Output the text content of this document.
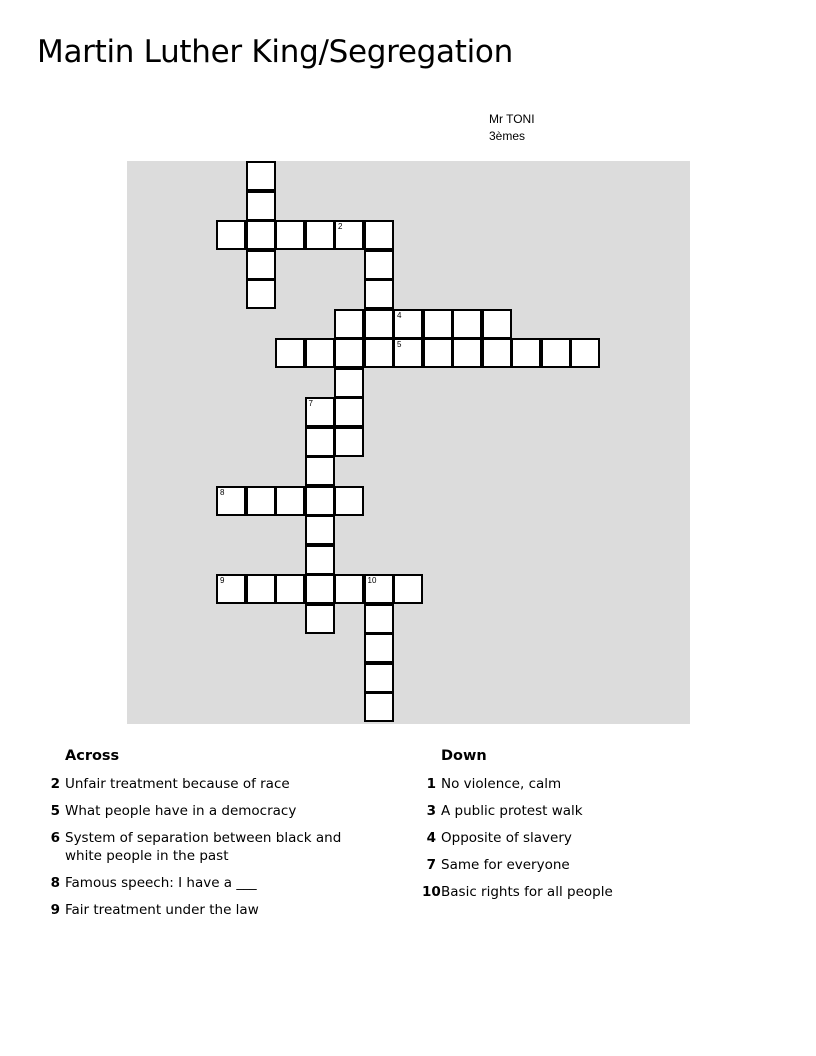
Martin Luther King/Segregation
Mr TONI
3èmes
2
4
5
7
8
9	10
Across
2 Unfair treatment because of race
5 What people have in a democracy
6 System of separation between black and white people in the past
8 Famous speech: I have a ___
9 Fair treatment under the law
Down
1 No violence, calm
3 A public protest walk
4 Opposite of slavery
7 Same for everyone
10 Basic rights for all people
